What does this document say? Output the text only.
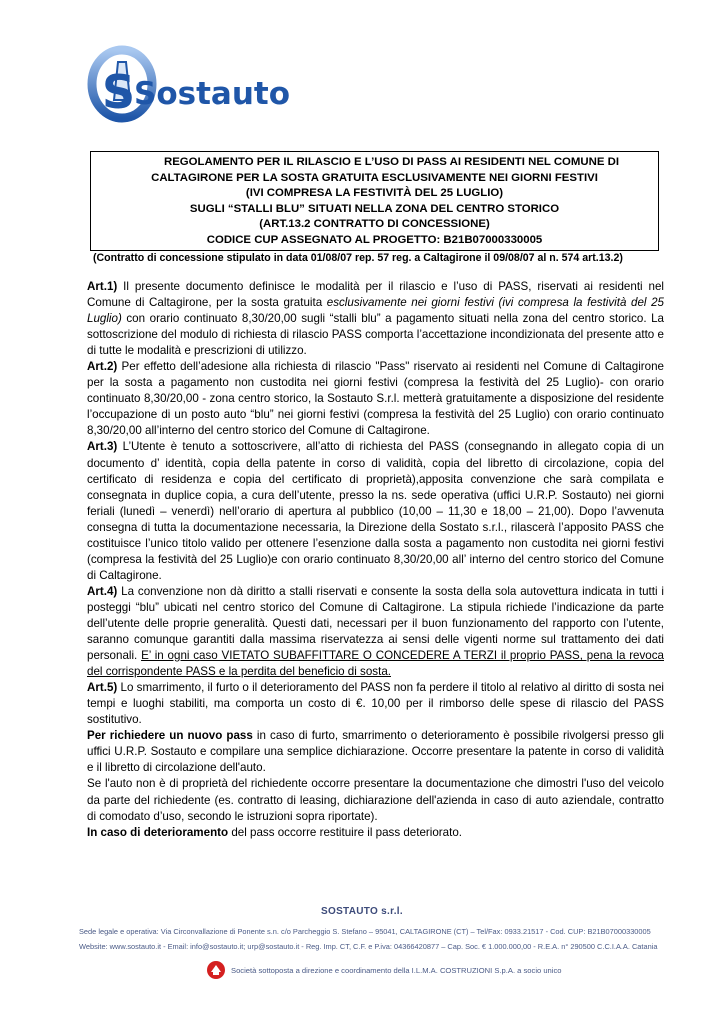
S
Sostauto
REGOLAMENTO PER IL RILASCIO E L’USO DI PASS AI RESIDENTI NEL COMUNE DI
CALTAGIRONE PER LA SOSTA GRATUITA ESCLUSIVAMENTE NEI GIORNI FESTIVI
(IVI COMPRESA LA FESTIVITÀ DEL 25 LUGLIO)
SUGLI “STALLI BLU” SITUATI NELLA ZONA DEL CENTRO STORICO
(ART.13.2 CONTRATTO DI CONCESSIONE)
CODICE CUP ASSEGNATO AL PROGETTO: B21B07000330005
(Contratto di concessione stipulato in data 01/08/07 rep. 57 reg. a Caltagirone il 09/08/07 al n. 574 art.13.2)

Art.1) Il presente documento definisce le modalità per il rilascio e l’uso di PASS, riservati ai residenti nel Comune di Caltagirone, per la sosta gratuita esclusivamente nei giorni festivi (ivi compresa la festività del 25 Luglio) con orario continuato 8,30/20,00 sugli “stalli blu” a pagamento situati nella zona del centro storico. La sottoscrizione del modulo di richiesta di rilascio PASS comporta l’accettazione incondizionata del presente atto e di tutte le modalità e prescrizioni di utilizzo.

Art.2) Per effetto dell’adesione alla richiesta di rilascio "Pass" riservato ai residenti nel Comune di Caltagirone per la sosta a pagamento non custodita nei giorni festivi (compresa la festività del 25 Luglio)- con orario continuato 8,30/20,00 - zona centro storico, la Sostauto S.r.l. metterà gratuitamente a disposizione del residente l’occupazione di un posto auto “blu” nei giorni festivi (compresa la festività del 25 Luglio) con orario continuato 8,30/20,00 all’interno del centro storico del Comune di Caltagirone.

Art.3) L’Utente è tenuto a sottoscrivere, all’atto di richiesta del PASS (consegnando in allegato copia di un documento d’ identità, copia della patente in corso di validità, copia del libretto di circolazione, copia del certificato di residenza e copia del certificato di proprietà),apposita convenzione che sarà compilata e consegnata in duplice copia, a cura dell’utente, presso la ns. sede operativa (uffici U.R.P. Sostauto) nei giorni feriali (lunedì – venerdì) nell’orario di apertura al pubblico (10,00 – 11,30 e 18,00 – 21,00). Dopo l’avvenuta consegna di tutta la documentazione necessaria, la Direzione della Sostato s.r.l., rilascerà l’apposito PASS che costituisce l’unico titolo valido per ottenere l’esenzione dalla sosta a pagamento non custodita nei giorni festivi (compresa la festività del 25 Luglio)e con orario continuato 8,30/20,00 all’ interno del centro storico del Comune di Caltagirone.

Art.4) La convenzione non dà diritto a stalli riservati e consente la sosta della sola autovettura indicata in tutti i posteggi “blu” ubicati nel centro storico del Comune di Caltagirone. La stipula richiede l’indicazione da parte dell’utente delle proprie generalità. Questi dati, necessari per il buon funzionamento del rapporto con l’utente, saranno comunque garantiti dalla massima riservatezza ai sensi delle vigenti norme sul trattamento dei dati personali. E’ in ogni caso VIETATO SUBAFFITTARE O CONCEDERE A TERZI il proprio PASS, pena la revoca del corrispondente PASS e la perdita del beneficio di sosta.

Art.5) Lo smarrimento, il furto o il deterioramento del PASS non fa perdere il titolo al relativo al diritto di sosta nei tempi e luoghi stabiliti, ma comporta un costo di €. 10,00 per il rimborso delle spese di rilascio del PASS sostitutivo.

Per richiedere un nuovo pass in caso di furto, smarrimento o deterioramento è possibile rivolgersi presso gli uffici U.R.P. Sostauto e compilare una semplice dichiarazione. Occorre presentare la patente in corso di validità e il libretto di circolazione dell'auto.

Se l'auto non è di proprietà del richiedente occorre presentare la documentazione che dimostri l'uso del veicolo da parte del richiedente (es. contratto di leasing, dichiarazione dell'azienda in caso di auto aziendale, contratto di comodato d’uso, secondo le istruzioni sopra riportate).

In caso di deterioramento del pass occorre restituire il pass deteriorato.

SOSTAUTO s.r.l.
Sede legale e operativa: Via Circonvallazione di Ponente s.n. c/o Parcheggio S. Stefano – 95041, CALTAGIRONE (CT) – Tel/Fax: 0933.21517 - Cod. CUP: B21B07000330005
Website: www.sostauto.it - Email: info@sostauto.it; urp@sostauto.it - Reg. Imp. CT, C.F. e P.iva: 04366420877 – Cap. Soc. € 1.000.000,00 - R.E.A. n° 290500 C.C.I.A.A. Catania
Società sottoposta a direzione e coordinamento della I.L.M.A. COSTRUZIONI S.p.A. a socio unico
